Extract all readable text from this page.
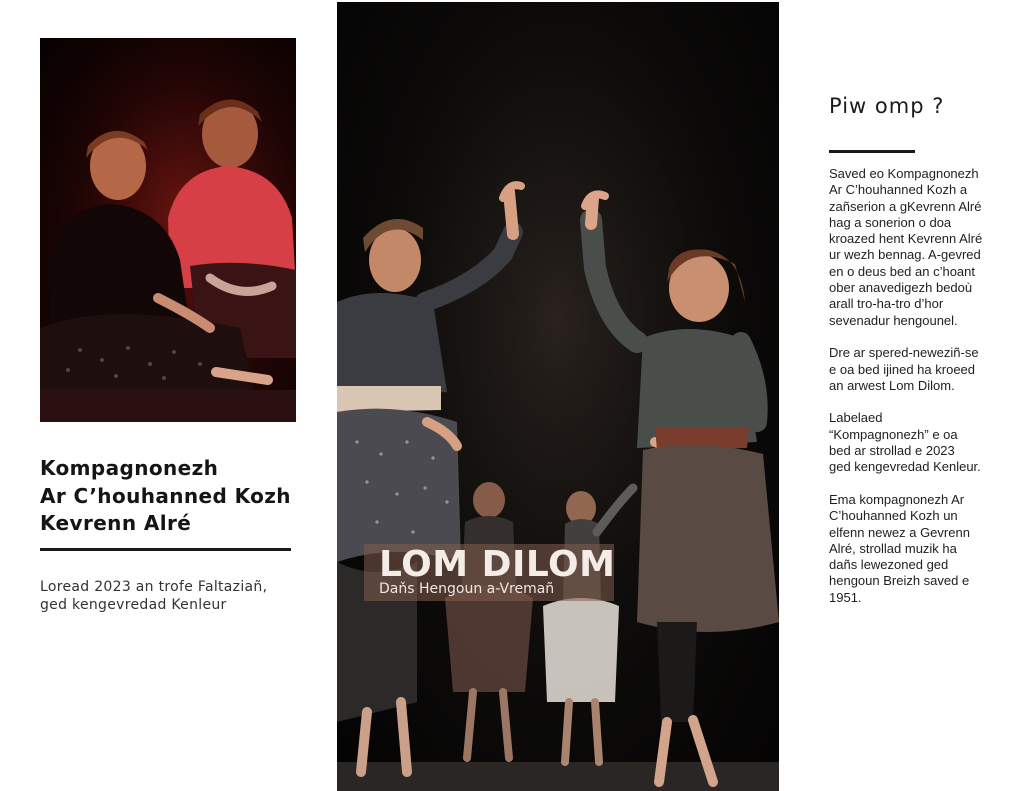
Kompagnonezh
Ar C’houhanned Kozh
Kevrenn Alré

Loread 2023 an trofe Faltaziañ,
ged kengevredad Kenleur

LOM DILOM

Daňs Hengoun a-Vremañ

Piw omp ?

Saved eo Kompagnonezh
Ar C’houhanned Kozh a
zañserion a gKevrenn Alré
hag a sonerion o doa
kroazed hent Kevrenn Alré
ur wezh bennag. A-gevred
en o deus bed an c’hoant
ober anavedigezh bedoù
arall tro-ha-tro d’hor
sevenadur hengounel.

Dre ar spered-neweziñ-se
e oa bed ijined ha kroeed
an arwest Lom Dilom.

Labelaed
“Kompagnonezh” e oa
bed ar strollad e 2023
ged kengevredad Kenleur.

Ema kompagnonezh Ar
C’houhanned Kozh un
elfenn newez a Gevrenn
Alré, strollad muzik ha
dañs lewezoned ged
hengoun Breizh saved e
1951.
